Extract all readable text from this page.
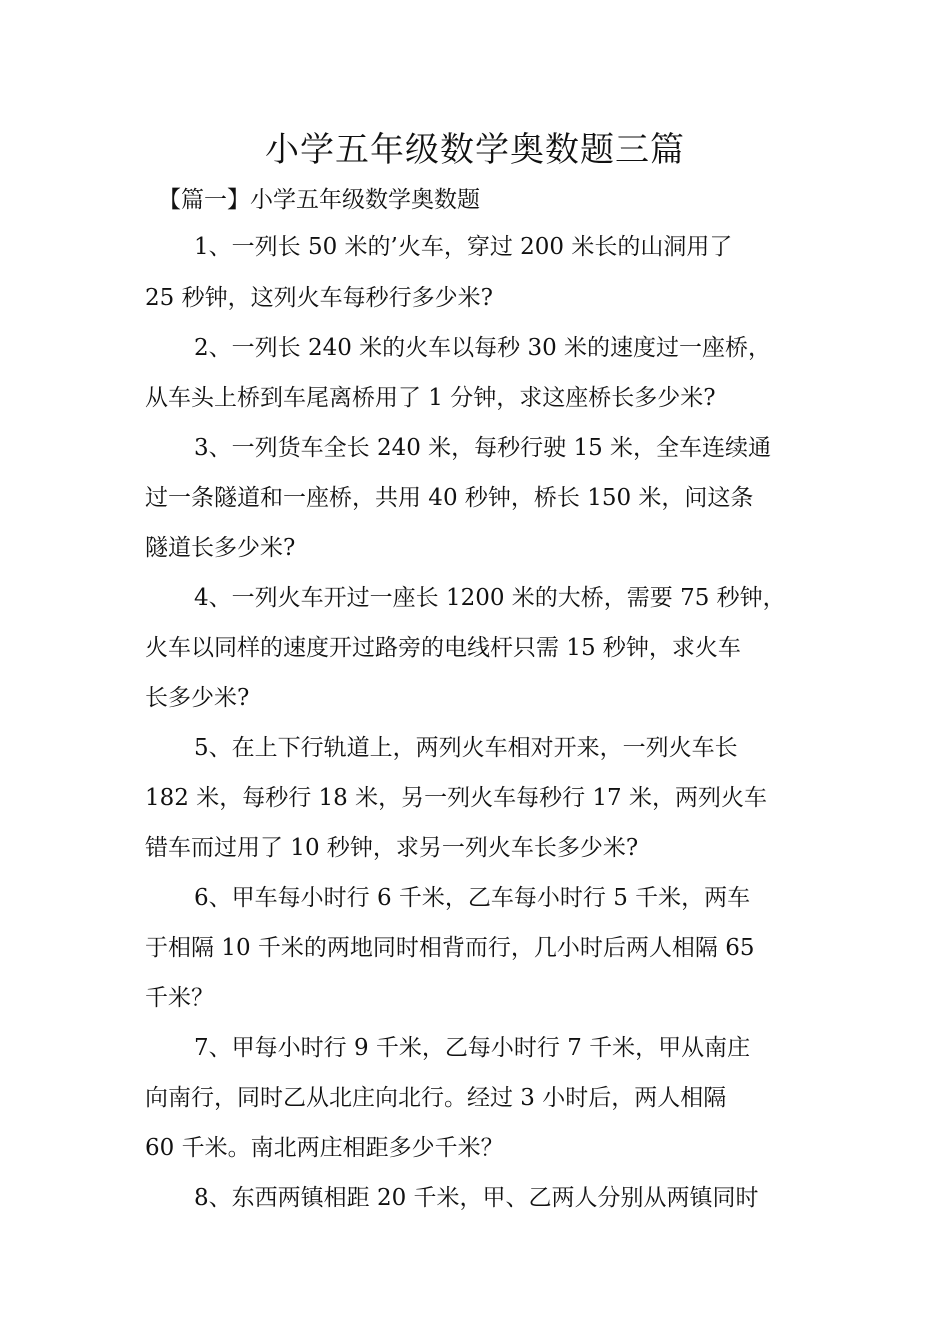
小学五年级数学奥数题三篇
【篇一】小学五年级数学奥数题
1、一列长 50 米的’火车，穿过 200 米长的山洞用了
25 秒钟，这列火车每秒行多少米?
2、一列长 240 米的火车以每秒 30 米的速度过一座桥，
从车头上桥到车尾离桥用了 1 分钟，求这座桥长多少米?
3、一列货车全长 240 米，每秒行驶 15 米，全车连续通
过一条隧道和一座桥，共用 40 秒钟，桥长 150 米，问这条
隧道长多少米?
4、一列火车开过一座长 1200 米的大桥，需要 75 秒钟，
火车以同样的速度开过路旁的电线杆只需 15 秒钟，求火车
长多少米?
5、在上下行轨道上，两列火车相对开来，一列火车长
182 米，每秒行 18 米，另一列火车每秒行 17 米，两列火车
错车而过用了 10 秒钟，求另一列火车长多少米?
6、甲车每小时行 6 千米，乙车每小时行 5 千米，两车
于相隔 10 千米的两地同时相背而行，几小时后两人相隔 65
千米？
7、甲每小时行 9 千米，乙每小时行 7 千米，甲从南庄
向南行，同时乙从北庄向北行。经过 3 小时后，两人相隔
60 千米。南北两庄相距多少千米？
8、东西两镇相距 20 千米，甲、乙两人分别从两镇同时
